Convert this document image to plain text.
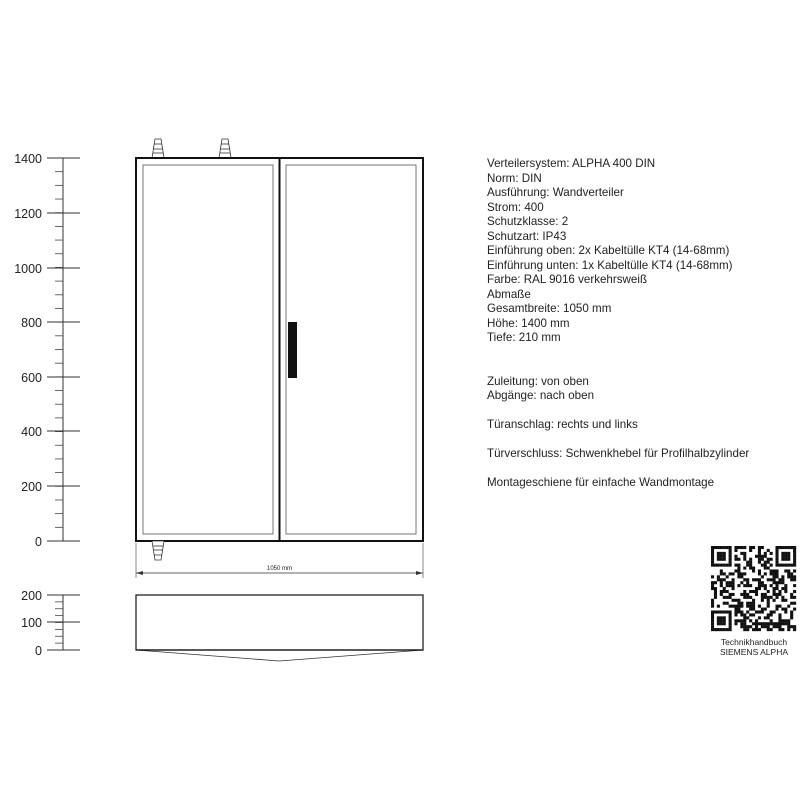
1400
1200
1000
800
600
400
200
0
1050 mm
200
100
0
Verteilersystem: ALPHA 400 DIN
Norm: DIN
Ausführung: Wandverteiler
Strom: 400
Schutzklasse: 2
Schutzart: IP43
Einführung oben: 2x Kabeltülle KT4 (14-68mm)
Einführung unten: 1x Kabeltülle KT4 (14-68mm)
Farbe: RAL 9016 verkehrsweiß
Abmaße
Gesamtbreite: 1050 mm
Höhe: 1400 mm
Tiefe: 210 mm
Zuleitung: von oben
Abgänge: nach oben
Türanschlag: rechts und links
Türverschluss: Schwenkhebel für Profilhalbzylinder
Montageschiene für einfache Wandmontage
Technikhandbuch
SIEMENS ALPHA
